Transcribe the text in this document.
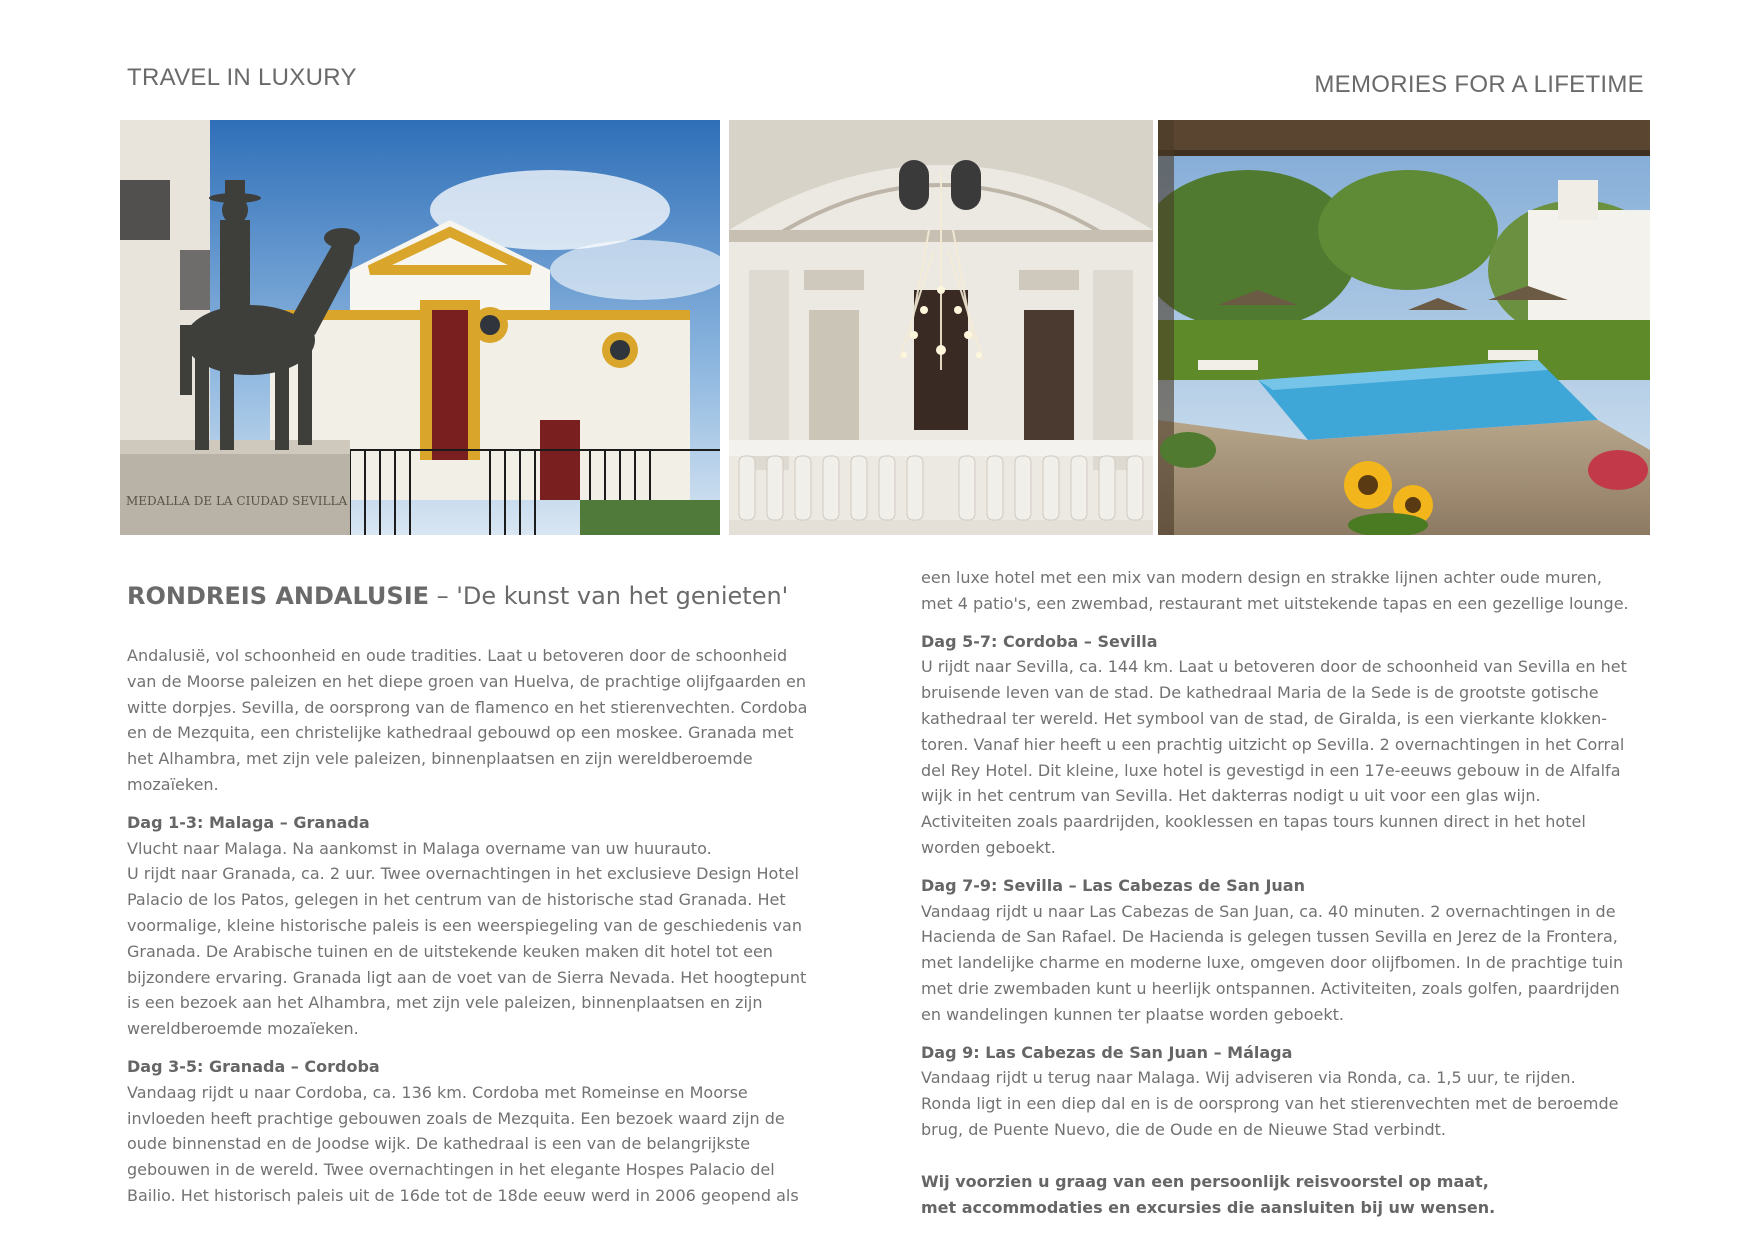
TRAVEL IN LUXURY	MEMORIES FOR A LIFETIME
MEDALLA DE LA CIUDAD SEVILLA
RONDREIS ANDALUSIE – 'De kunst van het genieten'

Andalusië, vol schoonheid en oude tradities. Laat u betoveren door de schoonheid

van de Moorse paleizen en het diepe groen van Huelva, de prachtige olijfgaarden en

witte dorpjes. Sevilla, de oorsprong van de flamenco en het stierenvechten. Cordoba

en de Mezquita, een christelijke kathedraal gebouwd op een moskee. Granada met

het Alhambra, met zijn vele paleizen, binnenplaatsen en zijn wereldberoemde

mozaïeken.

Dag 1-3: Malaga – Granada

Vlucht naar Malaga. Na aankomst in Malaga overname van uw huurauto.

U rijdt naar Granada, ca. 2 uur. Twee overnachtingen in het exclusieve Design Hotel

Palacio de los Patos, gelegen in het centrum van de historische stad Granada. Het

voormalige, kleine historische paleis is een weerspiegeling van de geschiedenis van

Granada. De Arabische tuinen en de uitstekende keuken maken dit hotel tot een

bijzondere ervaring. Granada ligt aan de voet van de Sierra Nevada. Het hoogtepunt

is een bezoek aan het Alhambra, met zijn vele paleizen, binnenplaatsen en zijn

wereldberoemde mozaïeken.

Dag 3-5: Granada – Cordoba

Vandaag rijdt u naar Cordoba, ca. 136 km. Cordoba met Romeinse en Moorse

invloeden heeft prachtige gebouwen zoals de Mezquita. Een bezoek waard zijn de

oude binnenstad en de Joodse wijk. De kathedraal is een van de belangrijkste

gebouwen in de wereld. Twee overnachtingen in het elegante Hospes Palacio del

Bailio. Het historisch paleis uit de 16de tot de 18de eeuw werd in 2006 geopend als

een luxe hotel met een mix van modern design en strakke lijnen achter oude muren,

met 4 patio's, een zwembad, restaurant met uitstekende tapas en een gezellige lounge.

Dag 5-7: Cordoba – Sevilla

U rijdt naar Sevilla, ca. 144 km. Laat u betoveren door de schoonheid van Sevilla en het

bruisende leven van de stad. De kathedraal Maria de la Sede is de grootste gotische

kathedraal ter wereld. Het symbool van de stad, de Giralda, is een vierkante klokken-

toren. Vanaf hier heeft u een prachtig uitzicht op Sevilla. 2 overnachtingen in het Corral

del Rey Hotel. Dit kleine, luxe hotel is gevestigd in een 17e-eeuws gebouw in de Alfalfa

wijk in het centrum van Sevilla. Het dakterras nodigt u uit voor een glas wijn.

Activiteiten zoals paardrijden, kooklessen en tapas tours kunnen direct in het hotel

worden geboekt.

Dag 7-9: Sevilla – Las Cabezas de San Juan

Vandaag rijdt u naar Las Cabezas de San Juan, ca. 40 minuten. 2 overnachtingen in de

Hacienda de San Rafael. De Hacienda is gelegen tussen Sevilla en Jerez de la Frontera,

met landelijke charme en moderne luxe, omgeven door olijfbomen. In de prachtige tuin

met drie zwembaden kunt u heerlijk ontspannen. Activiteiten, zoals golfen, paardrijden

en wandelingen kunnen ter plaatse worden geboekt.

Dag 9: Las Cabezas de San Juan – Málaga

Vandaag rijdt u terug naar Malaga. Wij adviseren via Ronda, ca. 1,5 uur, te rijden.

Ronda ligt in een diep dal en is de oorsprong van het stierenvechten met de beroemde

brug, de Puente Nuevo, die de Oude en de Nieuwe Stad verbindt.

Wij voorzien u graag van een persoonlijk reisvoorstel op maat,

met accommodaties en excursies die aansluiten bij uw wensen.
